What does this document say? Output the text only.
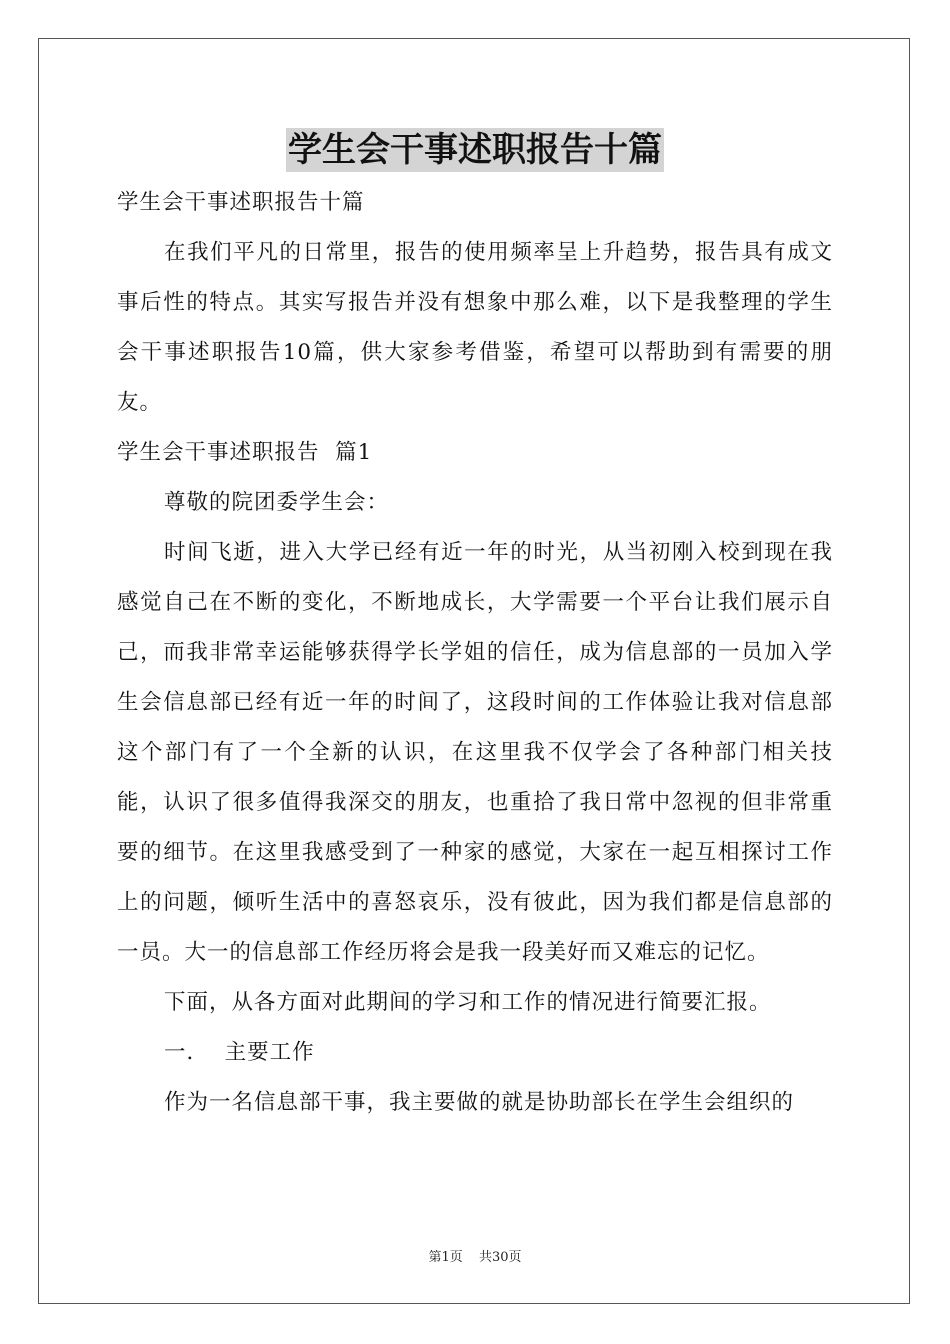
学生会干事述职报告十篇

学生会干事述职报告十篇

在我们平凡的日常里，报告的使用频率呈上升趋势，报告具有成文事后性的特点。其实写报告并没有想象中那么难，以下是我整理的学生会干事述职报告10篇，供大家参考借鉴，希望可以帮助到有需要的朋友。

学生会干事述职报告  篇1

尊敬的院团委学生会：

时间飞逝，进入大学已经有近一年的时光，从当初刚入校到现在我感觉自己在不断的变化，不断地成长，大学需要一个平台让我们展示自己，而我非常幸运能够获得学长学姐的信任，成为信息部的一员加入学生会信息部已经有近一年的时间了，这段时间的工作体验让我对信息部这个部门有了一个全新的认识，在这里我不仅学会了各种部门相关技能，认识了很多值得我深交的朋友，也重拾了我日常中忽视的但非常重要的细节。在这里我感受到了一种家的感觉，大家在一起互相探讨工作上的问题，倾听生活中的喜怒哀乐，没有彼此，因为我们都是信息部的一员。大一的信息部工作经历将会是我一段美好而又难忘的记忆。

下面，从各方面对此期间的学习和工作的情况进行简要汇报。

一．  主要工作

作为一名信息部干事，我主要做的就是协助部长在学生会组织的

第1页 共30页
